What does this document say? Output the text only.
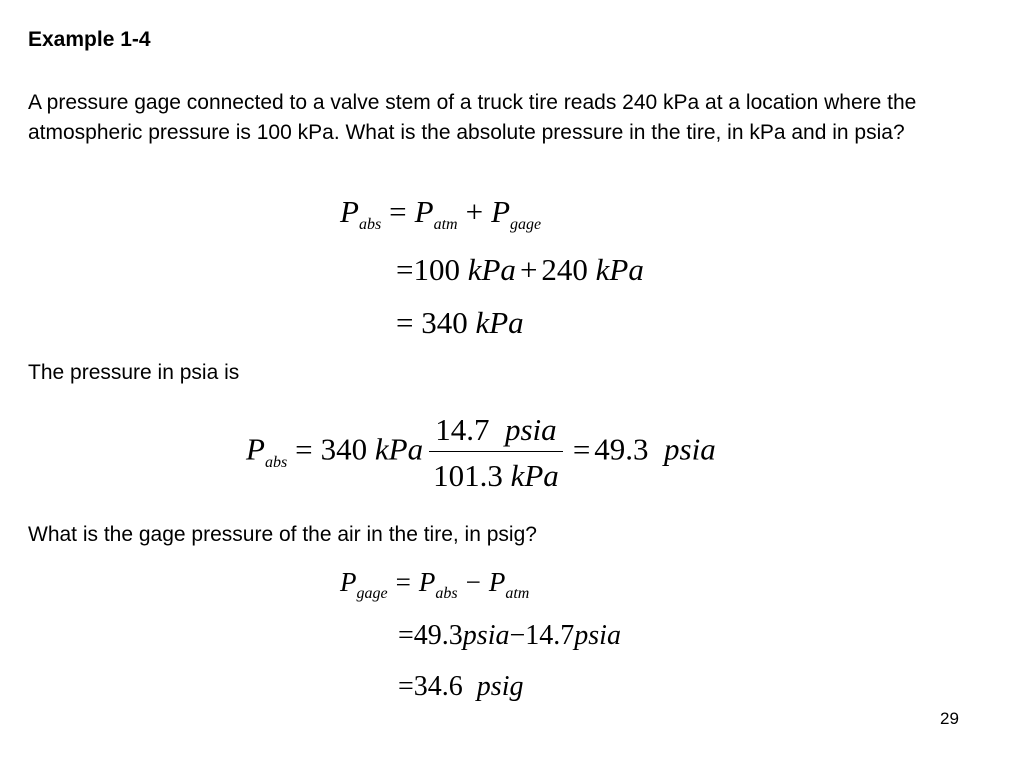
Example 1-4
A pressure gage connected to a valve stem of a truck tire reads 240 kPa at a location where the atmospheric pressure is 100 kPa. What is the absolute pressure in the tire, in kPa and in psia?
$P_{abs} = P_{atm} + P_{gage}$
=100 kPa + 240 kPa
= 340 kPa
The pressure in psia is
$P_{abs} = 340$ kPa $\frac{\text{14.7 psia}}{\text{101.3 kPa}} = 49.3$ psia
What is the gage pressure of the air in the tire, in psig?
$P_{gage} = P_{abs} - P_{atm}$
=49.3psia−14.7psia
=34.6 psig
29
